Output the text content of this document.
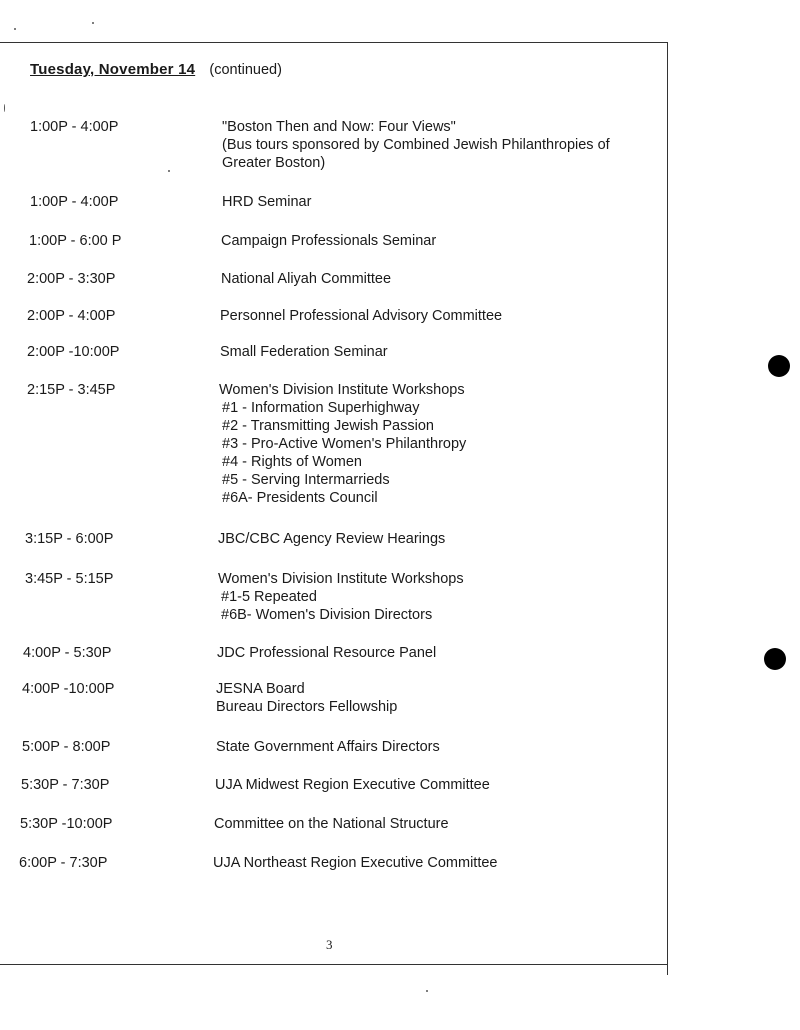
Tuesday, November 14 (continued)
1:00P - 4:00P	"Boston Then and Now: Four Views"
(Bus tours sponsored by Combined Jewish Philanthropies of
Greater Boston)
1:00P - 4:00P	HRD Seminar
1:00P - 6:00 P	Campaign Professionals Seminar
2:00P - 3:30P	National Aliyah Committee
2:00P - 4:00P	Personnel Professional Advisory Committee
2:00P -10:00P	Small Federation Seminar
2:15P - 3:45P	Women's Division Institute Workshops
#1 - Information Superhighway
#2 - Transmitting Jewish Passion
#3 - Pro-Active Women's Philanthropy
#4 - Rights of Women
#5 - Serving Intermarrieds
#6A- Presidents Council
3:15P - 6:00P	JBC/CBC Agency Review Hearings
3:45P - 5:15P	Women's Division Institute Workshops
#1-5 Repeated
#6B- Women's Division Directors
4:00P - 5:30P	JDC Professional Resource Panel
4:00P -10:00P	JESNA Board
Bureau Directors Fellowship
5:00P - 8:00P	State Government Affairs Directors
5:30P - 7:30P	UJA Midwest Region Executive Committee
5:30P -10:00P	Committee on the National Structure
6:00P - 7:30P	UJA Northeast Region Executive Committee
3
